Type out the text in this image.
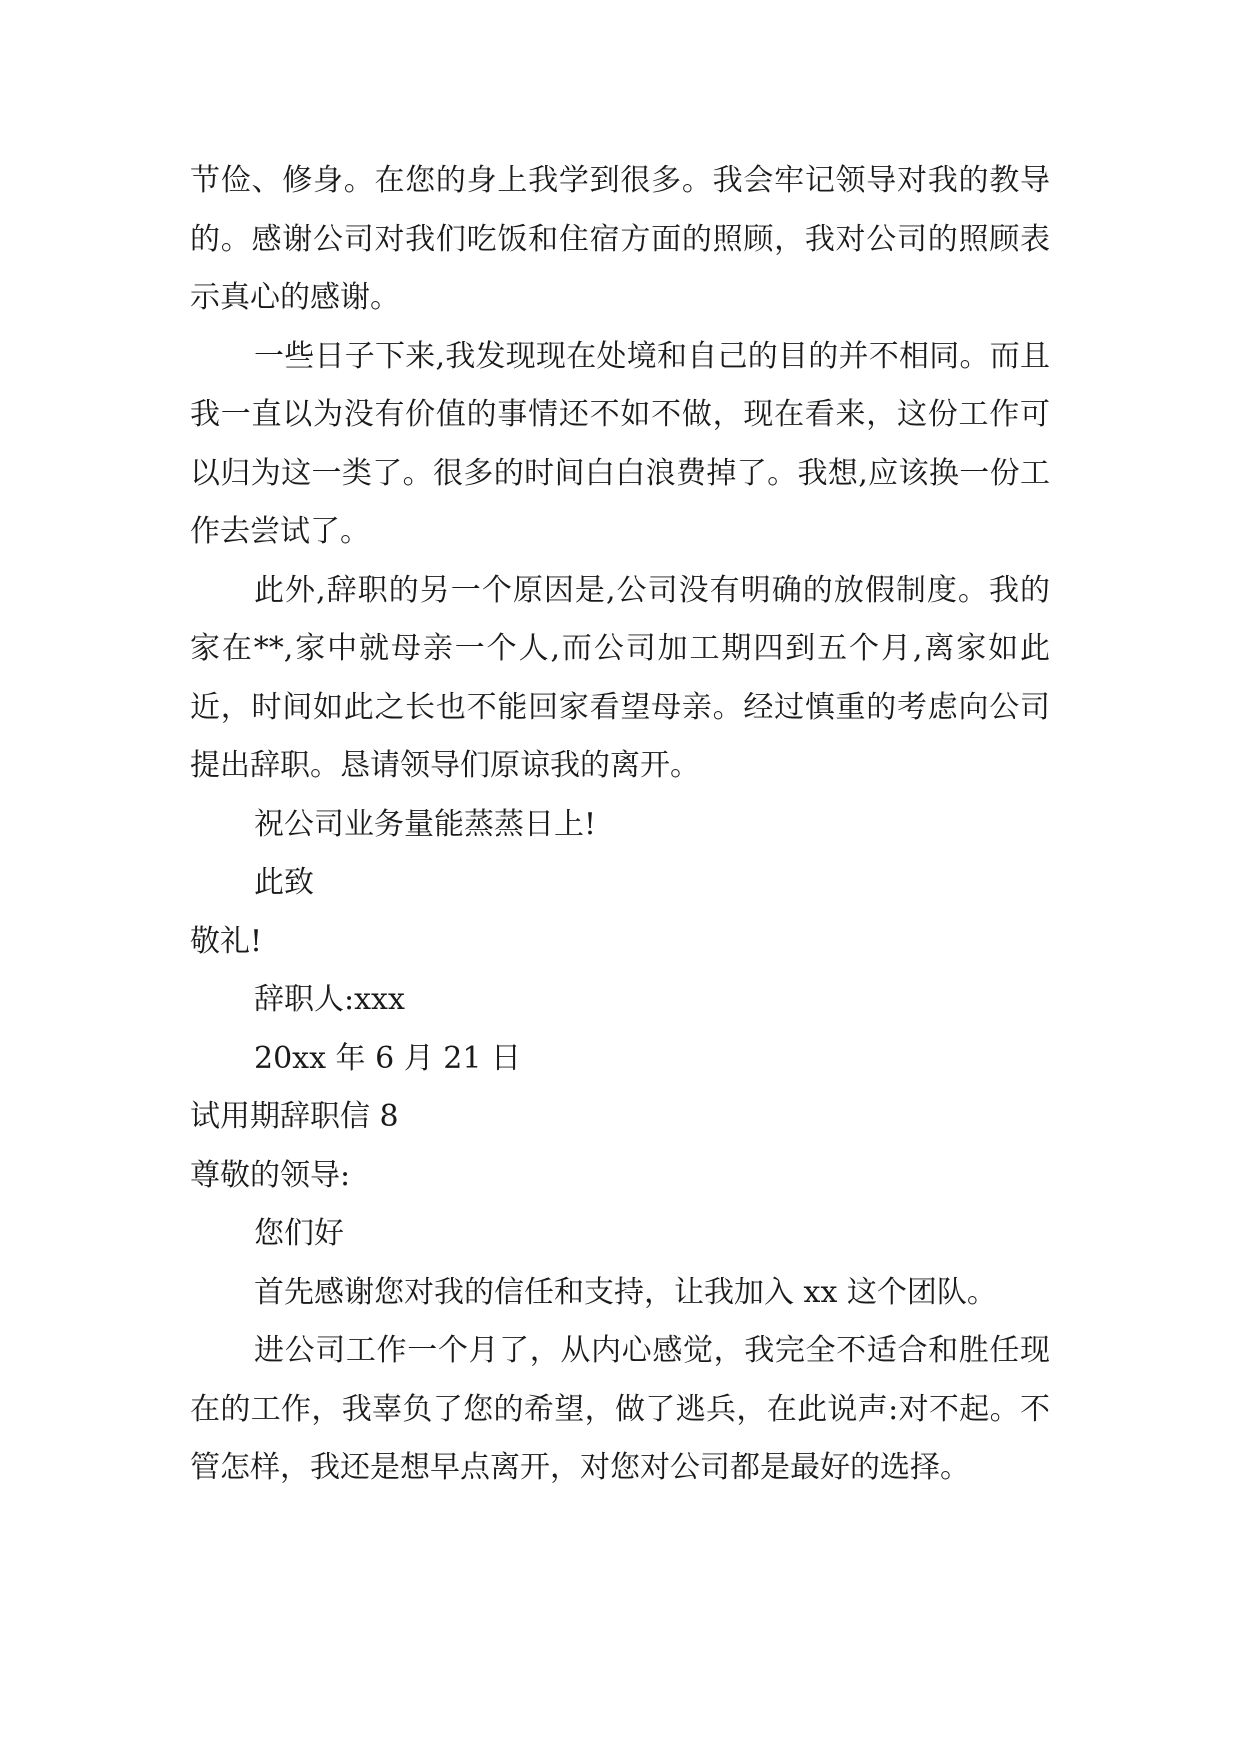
节俭、修身。在您的身上我学到很多。我会牢记领导对我的教导的。感谢公司对我们吃饭和住宿方面的照顾，我对公司的照顾表示真心的感谢。

一些日子下来,我发现现在处境和自己的目的并不相同。而且我一直以为没有价值的事情还不如不做，现在看来，这份工作可以归为这一类了。很多的时间白白浪费掉了。我想,应该换一份工作去尝试了。

此外,辞职的另一个原因是,公司没有明确的放假制度。我的家在**,家中就母亲一个人,而公司加工期四到五个月,离家如此近，时间如此之长也不能回家看望母亲。经过慎重的考虑向公司提出辞职。恳请领导们原谅我的离开。

祝公司业务量能蒸蒸日上!

此致

敬礼!

辞职人:xxx

20xx 年 6 月 21 日

试用期辞职信 8

尊敬的领导:

您们好

首先感谢您对我的信任和支持，让我加入 xx 这个团队。

进公司工作一个月了，从内心感觉，我完全不适合和胜任现在的工作，我辜负了您的希望，做了逃兵，在此说声:对不起。不管怎样，我还是想早点离开，对您对公司都是最好的选择。
